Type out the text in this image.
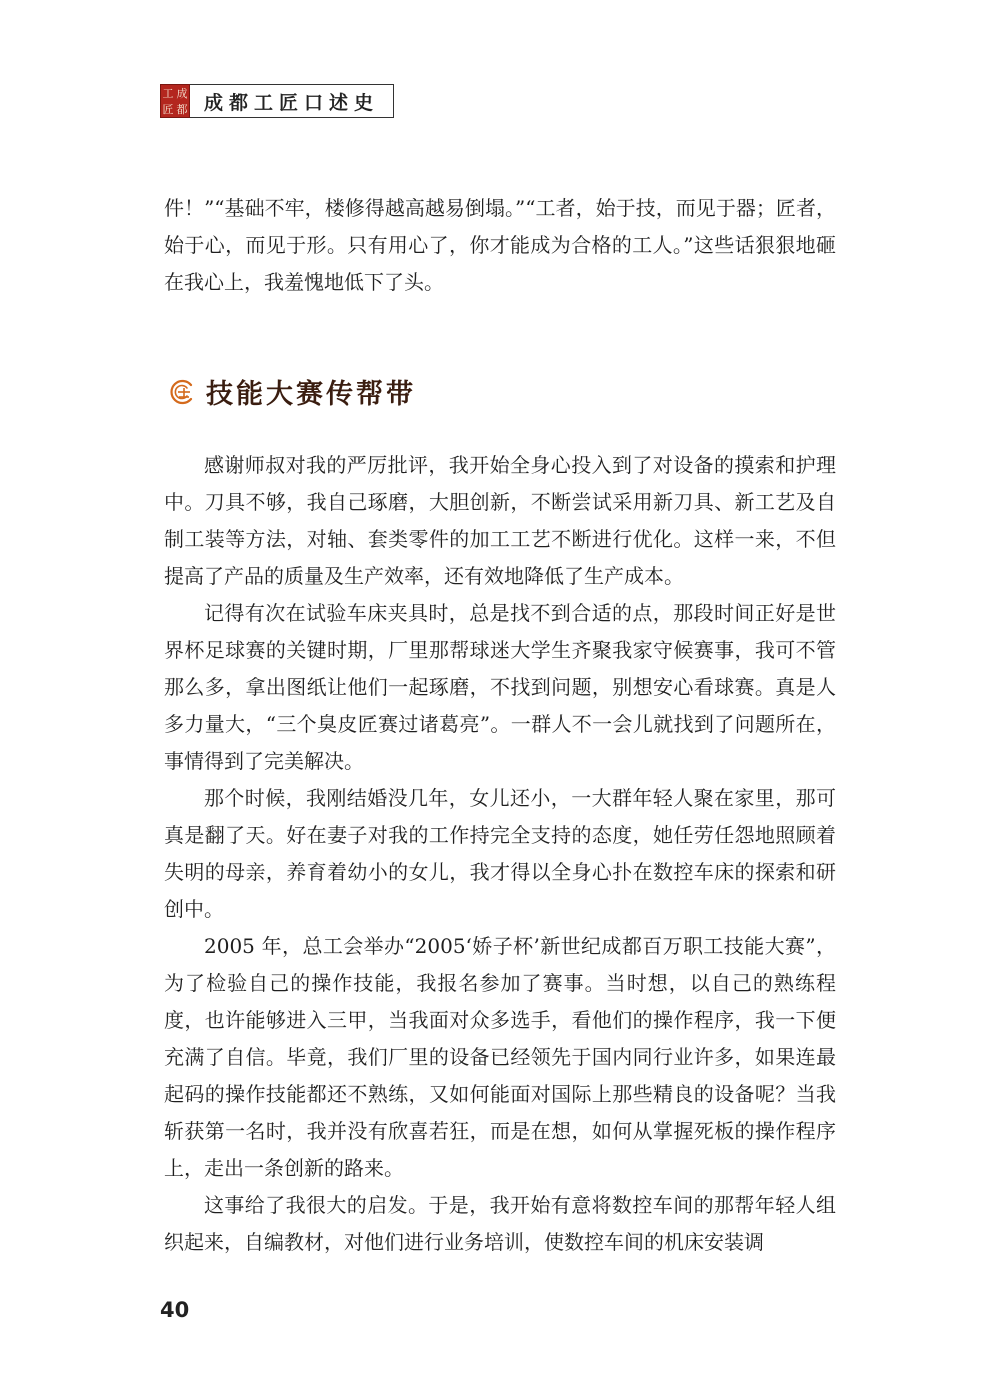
工 成
匠 都 成都工匠口述史

件！”“基础不牢，楼修得越高越易倒塌。”“工者，始于技，而见于器；匠者，始于心，而见于形。只有用心了，你才能成为合格的工人。”这些话狠狠地砸在我心上，我羞愧地低下了头。

技能大赛传帮带

感谢师叔对我的严厉批评，我开始全身心投入到了对设备的摸索和护理中。刀具不够，我自己琢磨，大胆创新，不断尝试采用新刀具、新工艺及自制工装等方法，对轴、套类零件的加工工艺不断进行优化。这样一来，不但提高了产品的质量及生产效率，还有效地降低了生产成本。

记得有次在试验车床夹具时，总是找不到合适的点，那段时间正好是世界杯足球赛的关键时期，厂里那帮球迷大学生齐聚我家守候赛事，我可不管那么多，拿出图纸让他们一起琢磨，不找到问题，别想安心看球赛。真是人多力量大，“三个臭皮匠赛过诸葛亮”。一群人不一会儿就找到了问题所在，事情得到了完美解决。

那个时候，我刚结婚没几年，女儿还小，一大群年轻人聚在家里，那可真是翻了天。好在妻子对我的工作持完全支持的态度，她任劳任怨地照顾着失明的母亲，养育着幼小的女儿，我才得以全身心扑在数控车床的探索和研创中。

2005 年，总工会举办“2005‘娇子杯’新世纪成都百万职工技能大赛”，为了检验自己的操作技能，我报名参加了赛事。当时想，以自己的熟练程度，也许能够进入三甲，当我面对众多选手，看他们的操作程序，我一下便充满了自信。毕竟，我们厂里的设备已经领先于国内同行业许多，如果连最起码的操作技能都还不熟练，又如何能面对国际上那些精良的设备呢？当我斩获第一名时，我并没有欣喜若狂，而是在想，如何从掌握死板的操作程序上，走出一条创新的路来。

这事给了我很大的启发。于是，我开始有意将数控车间的那帮年轻人组织起来，自编教材，对他们进行业务培训，使数控车间的机床安装调

40
